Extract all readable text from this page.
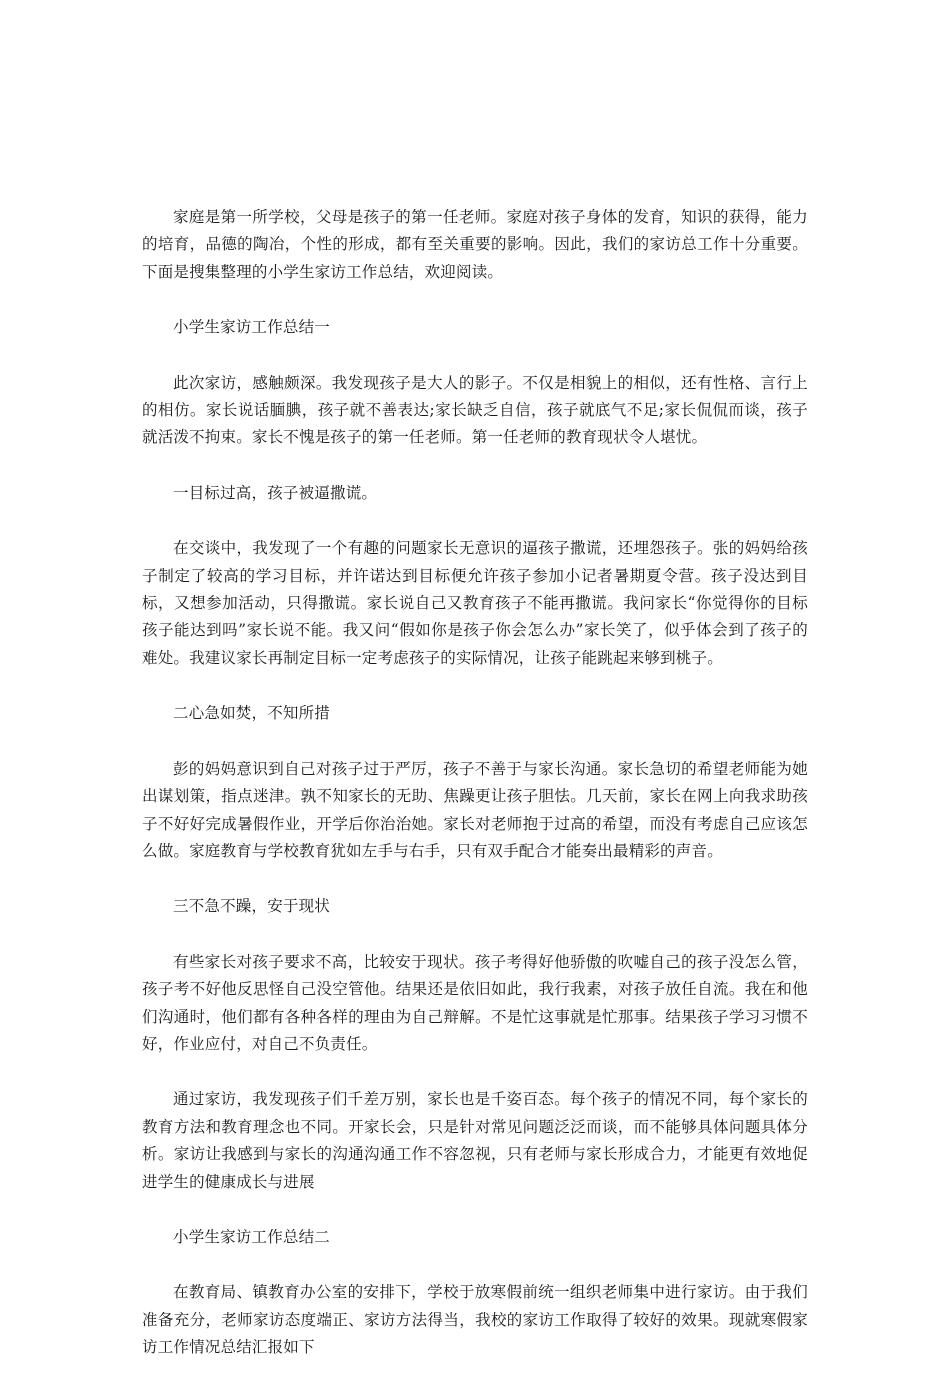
家庭是第一所学校，父母是孩子的第一任老师。家庭对孩子身体的发育，知识的获得，能力的培育，品德的陶冶，个性的形成，都有至关重要的影响。因此，我们的家访总工作十分重要。下面是搜集整理的小学生家访工作总结，欢迎阅读。

小学生家访工作总结一

此次家访，感触颇深。我发现孩子是大人的影子。不仅是相貌上的相似，还有性格、言行上的相仿。家长说话腼腆，孩子就不善表达;家长缺乏自信，孩子就底气不足;家长侃侃而谈，孩子就活泼不拘束。家长不愧是孩子的第一任老师。第一任老师的教育现状令人堪忧。

一目标过高，孩子被逼撒谎。

在交谈中，我发现了一个有趣的问题家长无意识的逼孩子撒谎，还埋怨孩子。张的妈妈给孩子制定了较高的学习目标，并许诺达到目标便允许孩子参加小记者暑期夏令营。孩子没达到目标，又想参加活动，只得撒谎。家长说自己又教育孩子不能再撒谎。我问家长“你觉得你的目标孩子能达到吗”家长说不能。我又问“假如你是孩子你会怎么办”家长笑了，似乎体会到了孩子的难处。我建议家长再制定目标一定考虑孩子的实际情况，让孩子能跳起来够到桃子。

二心急如焚，不知所措

彭的妈妈意识到自己对孩子过于严厉，孩子不善于与家长沟通。家长急切的希望老师能为她出谋划策，指点迷津。孰不知家长的无助、焦躁更让孩子胆怯。几天前，家长在网上向我求助孩子不好好完成暑假作业，开学后你治治她。家长对老师抱于过高的希望，而没有考虑自己应该怎么做。家庭教育与学校教育犹如左手与右手，只有双手配合才能奏出最精彩的声音。

三不急不躁，安于现状

有些家长对孩子要求不高，比较安于现状。孩子考得好他骄傲的吹嘘自己的孩子没怎么管，孩子考不好他反思怪自己没空管他。结果还是依旧如此，我行我素，对孩子放任自流。我在和他们沟通时，他们都有各种各样的理由为自己辩解。不是忙这事就是忙那事。结果孩子学习习惯不好，作业应付，对自己不负责任。

通过家访，我发现孩子们千差万别，家长也是千姿百态。每个孩子的情况不同，每个家长的教育方法和教育理念也不同。开家长会，只是针对常见问题泛泛而谈，而不能够具体问题具体分析。家访让我感到与家长的沟通沟通工作不容忽视，只有老师与家长形成合力，才能更有效地促进学生的健康成长与进展

小学生家访工作总结二

在教育局、镇教育办公室的安排下，学校于放寒假前统一组织老师集中进行家访。由于我们准备充分，老师家访态度端正、家访方法得当，我校的家访工作取得了较好的效果。现就寒假家访工作情况总结汇报如下
